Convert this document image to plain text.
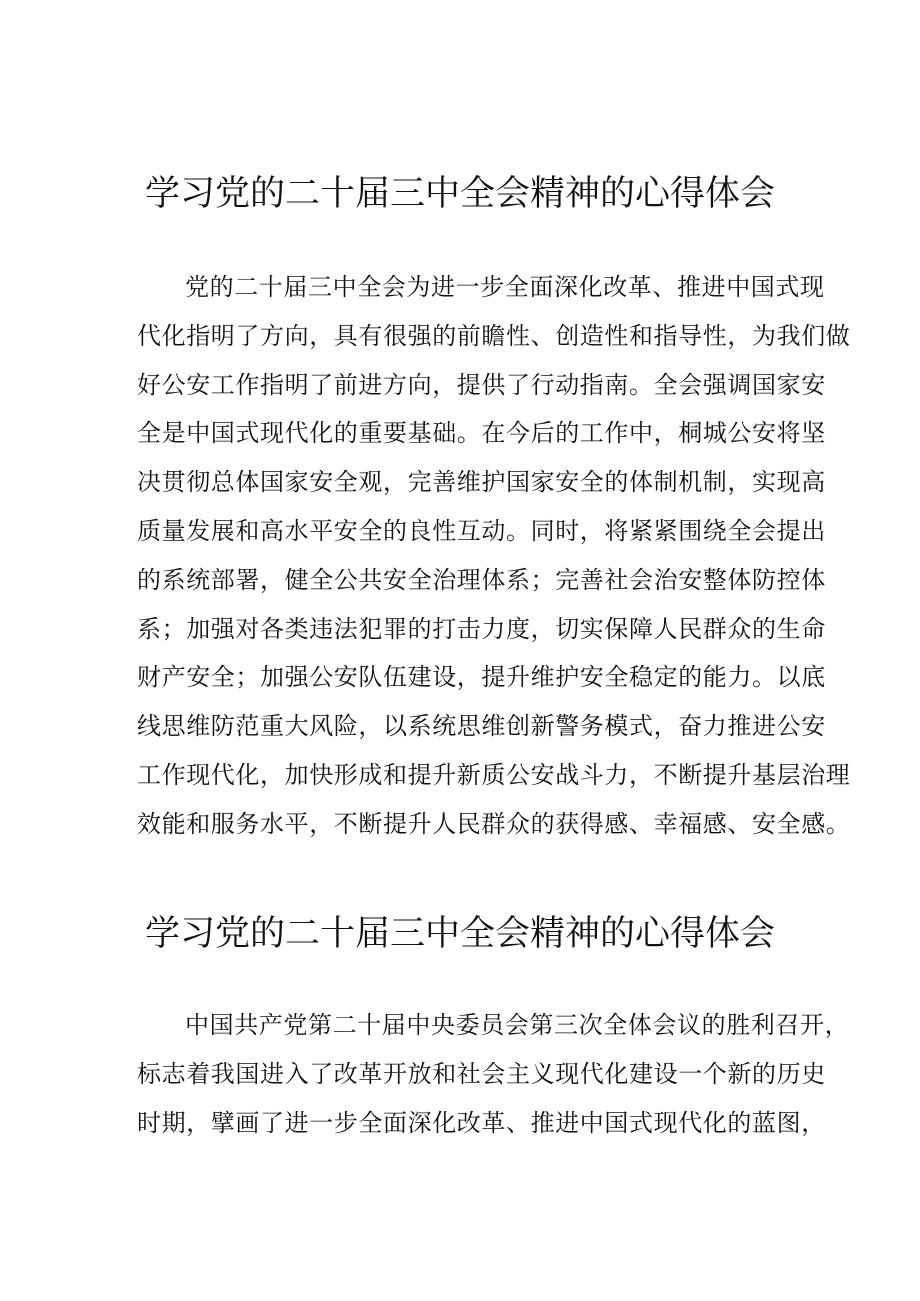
学习党的二十届三中全会精神的心得体会
党的二十届三中全会为进一步全面深化改革、推进中国式现
代化指明了方向，具有很强的前瞻性、创造性和指导性，为我们做
好公安工作指明了前进方向，提供了行动指南。全会强调国家安
全是中国式现代化的重要基础。在今后的工作中，桐城公安将坚
决贯彻总体国家安全观，完善维护国家安全的体制机制，实现高
质量发展和高水平安全的良性互动。同时，将紧紧围绕全会提出
的系统部署，健全公共安全治理体系；完善社会治安整体防控体
系；加强对各类违法犯罪的打击力度，切实保障人民群众的生命
财产安全；加强公安队伍建设，提升维护安全稳定的能力。以底
线思维防范重大风险，以系统思维创新警务模式，奋力推进公安
工作现代化，加快形成和提升新质公安战斗力，不断提升基层治理
效能和服务水平，不断提升人民群众的获得感、幸福感、安全感。
学习党的二十届三中全会精神的心得体会
中国共产党第二十届中央委员会第三次全体会议的胜利召开，
标志着我国进入了改革开放和社会主义现代化建设一个新的历史
时期，擘画了进一步全面深化改革、推进中国式现代化的蓝图，
